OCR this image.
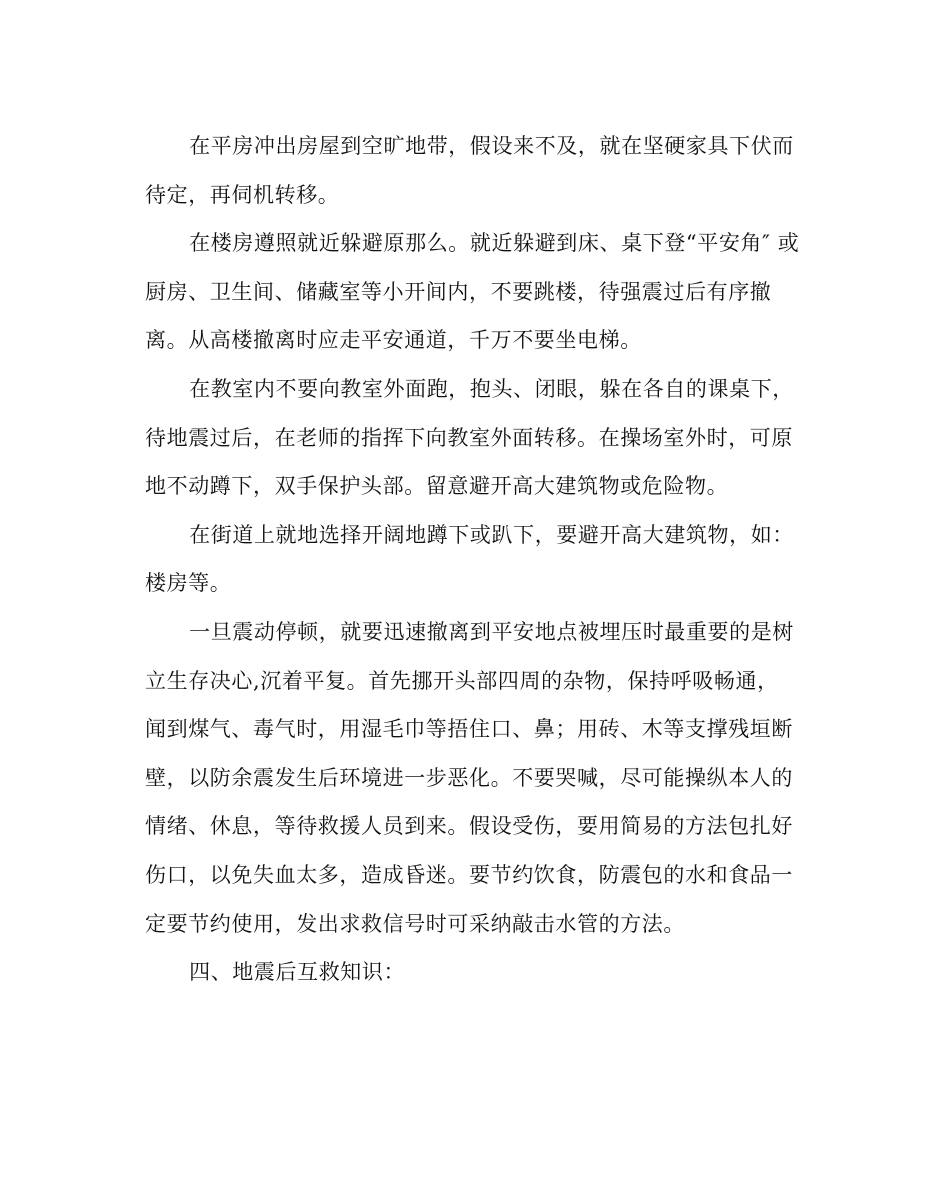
在平房冲出房屋到空旷地带，假设来不及，就在坚硬家具下伏而
待定，再伺机转移。

在楼房遵照就近躲避原那么。就近躲避到床、桌下登“平安角″ 或
厨房、卫生间、储藏室等小开间内，不要跳楼，待强震过后有序撤
离。从高楼撤离时应走平安通道，千万不要坐电梯。

在教室内不要向教室外面跑，抱头、闭眼，躲在各自的课桌下，
待地震过后，在老师的指挥下向教室外面转移。在操场室外时，可原
地不动蹲下，双手保护头部。留意避开高大建筑物或危险物。

在街道上就地选择开阔地蹲下或趴下，要避开高大建筑物，如：
楼房等。

一旦震动停顿，就要迅速撤离到平安地点被埋压时最重要的是树
立生存决心,沉着平复。首先挪开头部四周的杂物，保持呼吸畅通，
闻到煤气、毒气时，用湿毛巾等捂住口、鼻；用砖、木等支撑残垣断
壁，以防余震发生后环境进一步恶化。不要哭喊，尽可能操纵本人的
情绪、休息，等待救援人员到来。假设受伤，要用简易的方法包扎好
伤口，以免失血太多，造成昏迷。要节约饮食，防震包的水和食品一
定要节约使用，发出求救信号时可采纳敲击水管的方法。

四、地震后互救知识：
